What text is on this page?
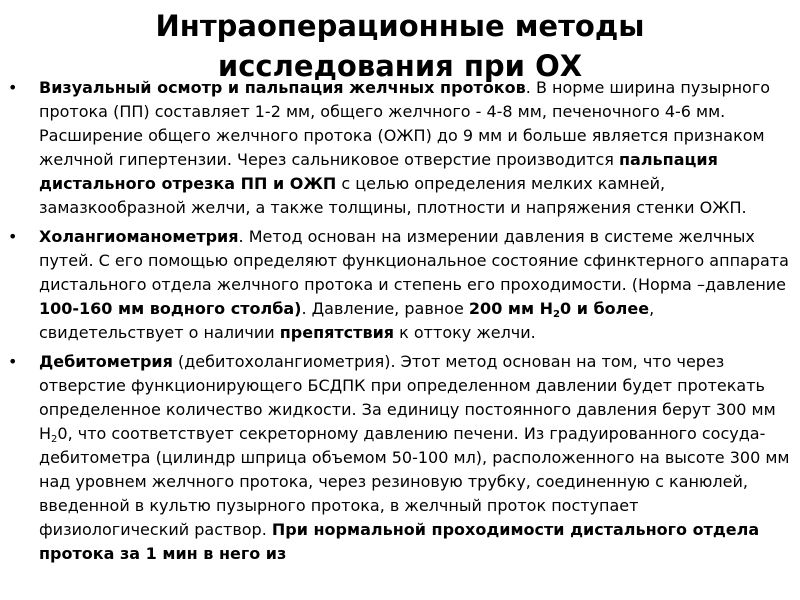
Интраоперационные методы
исследования при ОХ
• Визуальный осмотр и пальпация желчных протоков. В норме ширина пузырного протока (ПП) составляет 1-2 мм, общего желчного - 4-8 мм, печеночного 4-6 мм. Расширение общего желчного протока (ОЖП) до 9 мм и больше является признаком желчной гипертензии. Через сальниковое отверстие производится пальпация дистального отрезка ПП и ОЖП с целью определения мелких камней, замазкообразной желчи, а также толщины, плотности и напряжения стенки ОЖП.
• Холангиоманометрия. Метод основан на измерении давления в системе желчных путей. С его помощью определяют функциональное состояние сфинктерного аппарата дистального отдела желчного протока и степень его проходимости. (Норма –давление 100-160 мм водного столба). Давление, равное 200 мм $Н_20$ и более, свидетельствует о наличии препятствия к оттоку желчи.
• Дебитометрия (дебитохолангиометрия). Этот метод основан на том, что через отверстие функционирующего БСДПК при определенном давлении будет протекать определенное количество жидкости. За единицу постоянного давления берут 300 мм $Н_20$, что соответствует секреторному давлению печени. Из градуированного сосуда-дебитометра (цилиндр шприца объемом 50-100 мл), расположенного на высоте 300 мм над уровнем желчного протока, через резиновую трубку, соединенную с канюлей, введенной в культю пузырного протока, в желчный проток поступает физиологический раствор. При нормальной проходимости дистального отдела протока за 1 мин в него из
